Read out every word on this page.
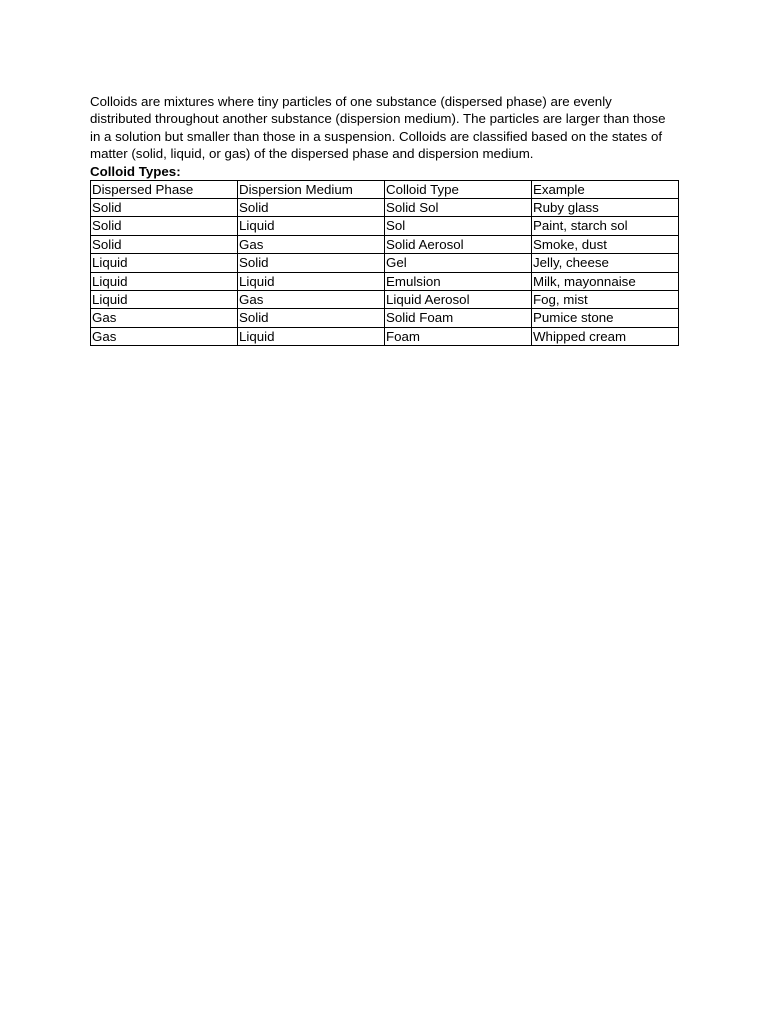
Colloids are mixtures where tiny particles of one substance (dispersed phase) are evenly distributed throughout another substance (dispersion medium). The particles are larger than those in a solution but smaller than those in a suspension. Colloids are classified based on the states of matter (solid, liquid, or gas) of the dispersed phase and dispersion medium.

Colloid Types:

Dispersed Phase	Dispersion Medium	Colloid Type	Example
Solid	Solid	Solid Sol	Ruby glass
Solid	Liquid	Sol	Paint, starch sol
Solid	Gas	Solid Aerosol	Smoke, dust
Liquid	Solid	Gel	Jelly, cheese
Liquid	Liquid	Emulsion	Milk, mayonnaise
Liquid	Gas	Liquid Aerosol	Fog, mist
Gas	Solid	Solid Foam	Pumice stone
Gas	Liquid	Foam	Whipped cream
